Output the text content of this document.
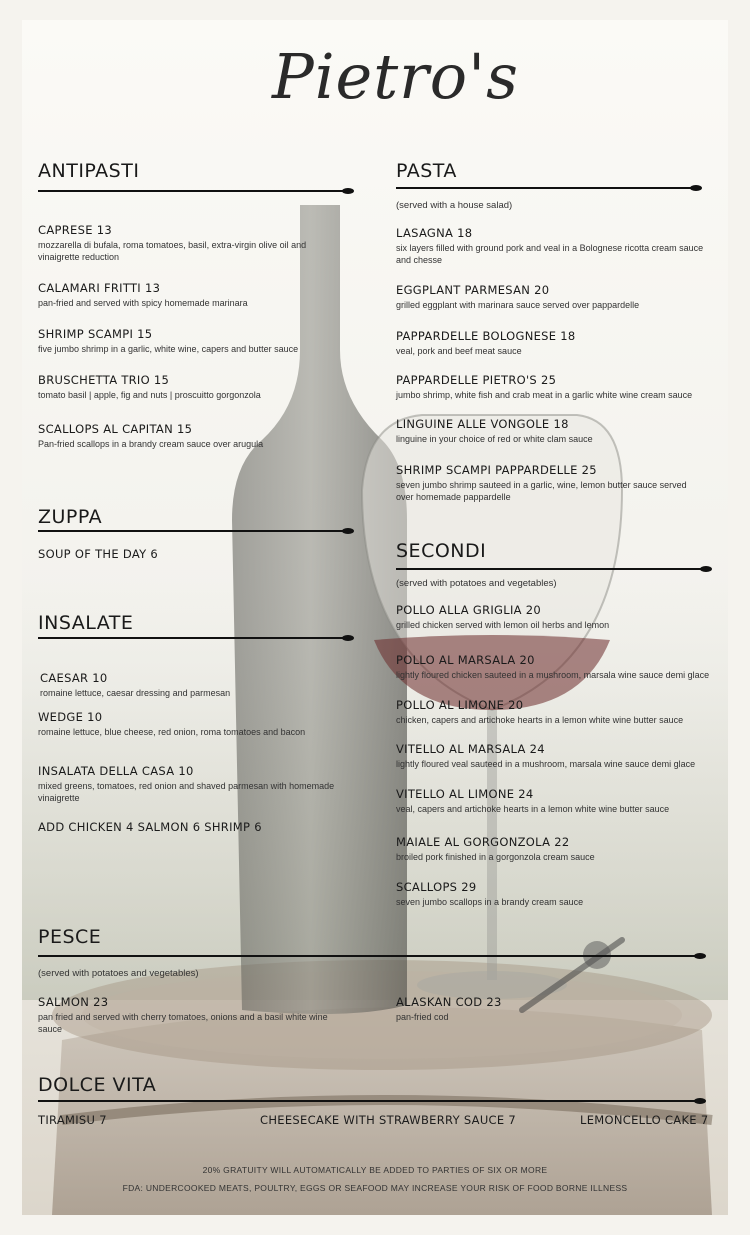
Pietro's
ANTIPASTI
CAPRESE 13
mozzarella di bufala, roma tomatoes, basil, extra-virgin olive oil and vinaigrette reduction
CALAMARI FRITTI 13
pan-fried and served with spicy homemade marinara
SHRIMP SCAMPI 15
five jumbo shrimp in a garlic, white wine, capers and butter sauce
BRUSCHETTA TRIO 15
tomato basil | apple, fig and nuts | proscuitto gorgonzola
SCALLOPS AL CAPITAN 15
Pan-fried scallops in a brandy cream sauce over arugula
ZUPPA
SOUP OF THE DAY 6
INSALATE
CAESAR 10
romaine lettuce, caesar dressing and parmesan
WEDGE 10
romaine lettuce, blue cheese, red onion, roma tomatoes and bacon
INSALATA DELLA CASA 10
mixed greens, tomatoes, red onion and shaved parmesan with homemade vinaigrette
ADD CHICKEN 4 SALMON 6 SHRIMP 6
PESCE
(served with potatoes and vegetables)
SALMON 23
pan fried and served with cherry tomatoes, onions and a basil white wine sauce
ALASKAN COD 23
pan-fried cod
PASTA
(served with a house salad)
LASAGNA 18
six layers filled with ground pork and veal in a Bolognese ricotta cream sauce and chesse
EGGPLANT PARMESAN 20
grilled eggplant with marinara sauce served over pappardelle
PAPPARDELLE BOLOGNESE 18
veal, pork and beef meat sauce
PAPPARDELLE PIETRO'S 25
jumbo shrimp, white fish and crab meat in a garlic white wine cream sauce
LINGUINE ALLE VONGOLE 18
linguine in your choice of red or white clam sauce
SHRIMP SCAMPI PAPPARDELLE 25
seven jumbo shrimp sauteed in a garlic, wine, lemon butter sauce served over homemade pappardelle
SECONDI
(served with potatoes and vegetables)
POLLO ALLA GRIGLIA 20
grilled chicken served with lemon oil herbs and lemon
POLLO AL MARSALA 20
lightly floured chicken sauteed in a mushroom, marsala wine sauce demi glace
POLLO AL LIMONE 20
chicken, capers and artichoke hearts in a lemon white wine butter sauce
VITELLO AL MARSALA 24
lightly floured veal sauteed in a mushroom, marsala wine sauce demi glace
VITELLO AL LIMONE 24
veal, capers and artichoke hearts in a lemon white wine butter sauce
MAIALE AL GORGONZOLA 22
broiled pork finished in a gorgonzola cream sauce
SCALLOPS 29
seven jumbo scallops in a brandy cream sauce
DOLCE VITA
TIRAMISU 7	CHEESECAKE WITH STRAWBERRY SAUCE 7	LEMONCELLO CAKE 7
20% GRATUITY WILL AUTOMATICALLY BE ADDED TO PARTIES OF SIX OR MORE
FDA: UNDERCOOKED MEATS, POULTRY, EGGS OR SEAFOOD MAY INCREASE YOUR RISK OF FOOD BORNE ILLNESS
